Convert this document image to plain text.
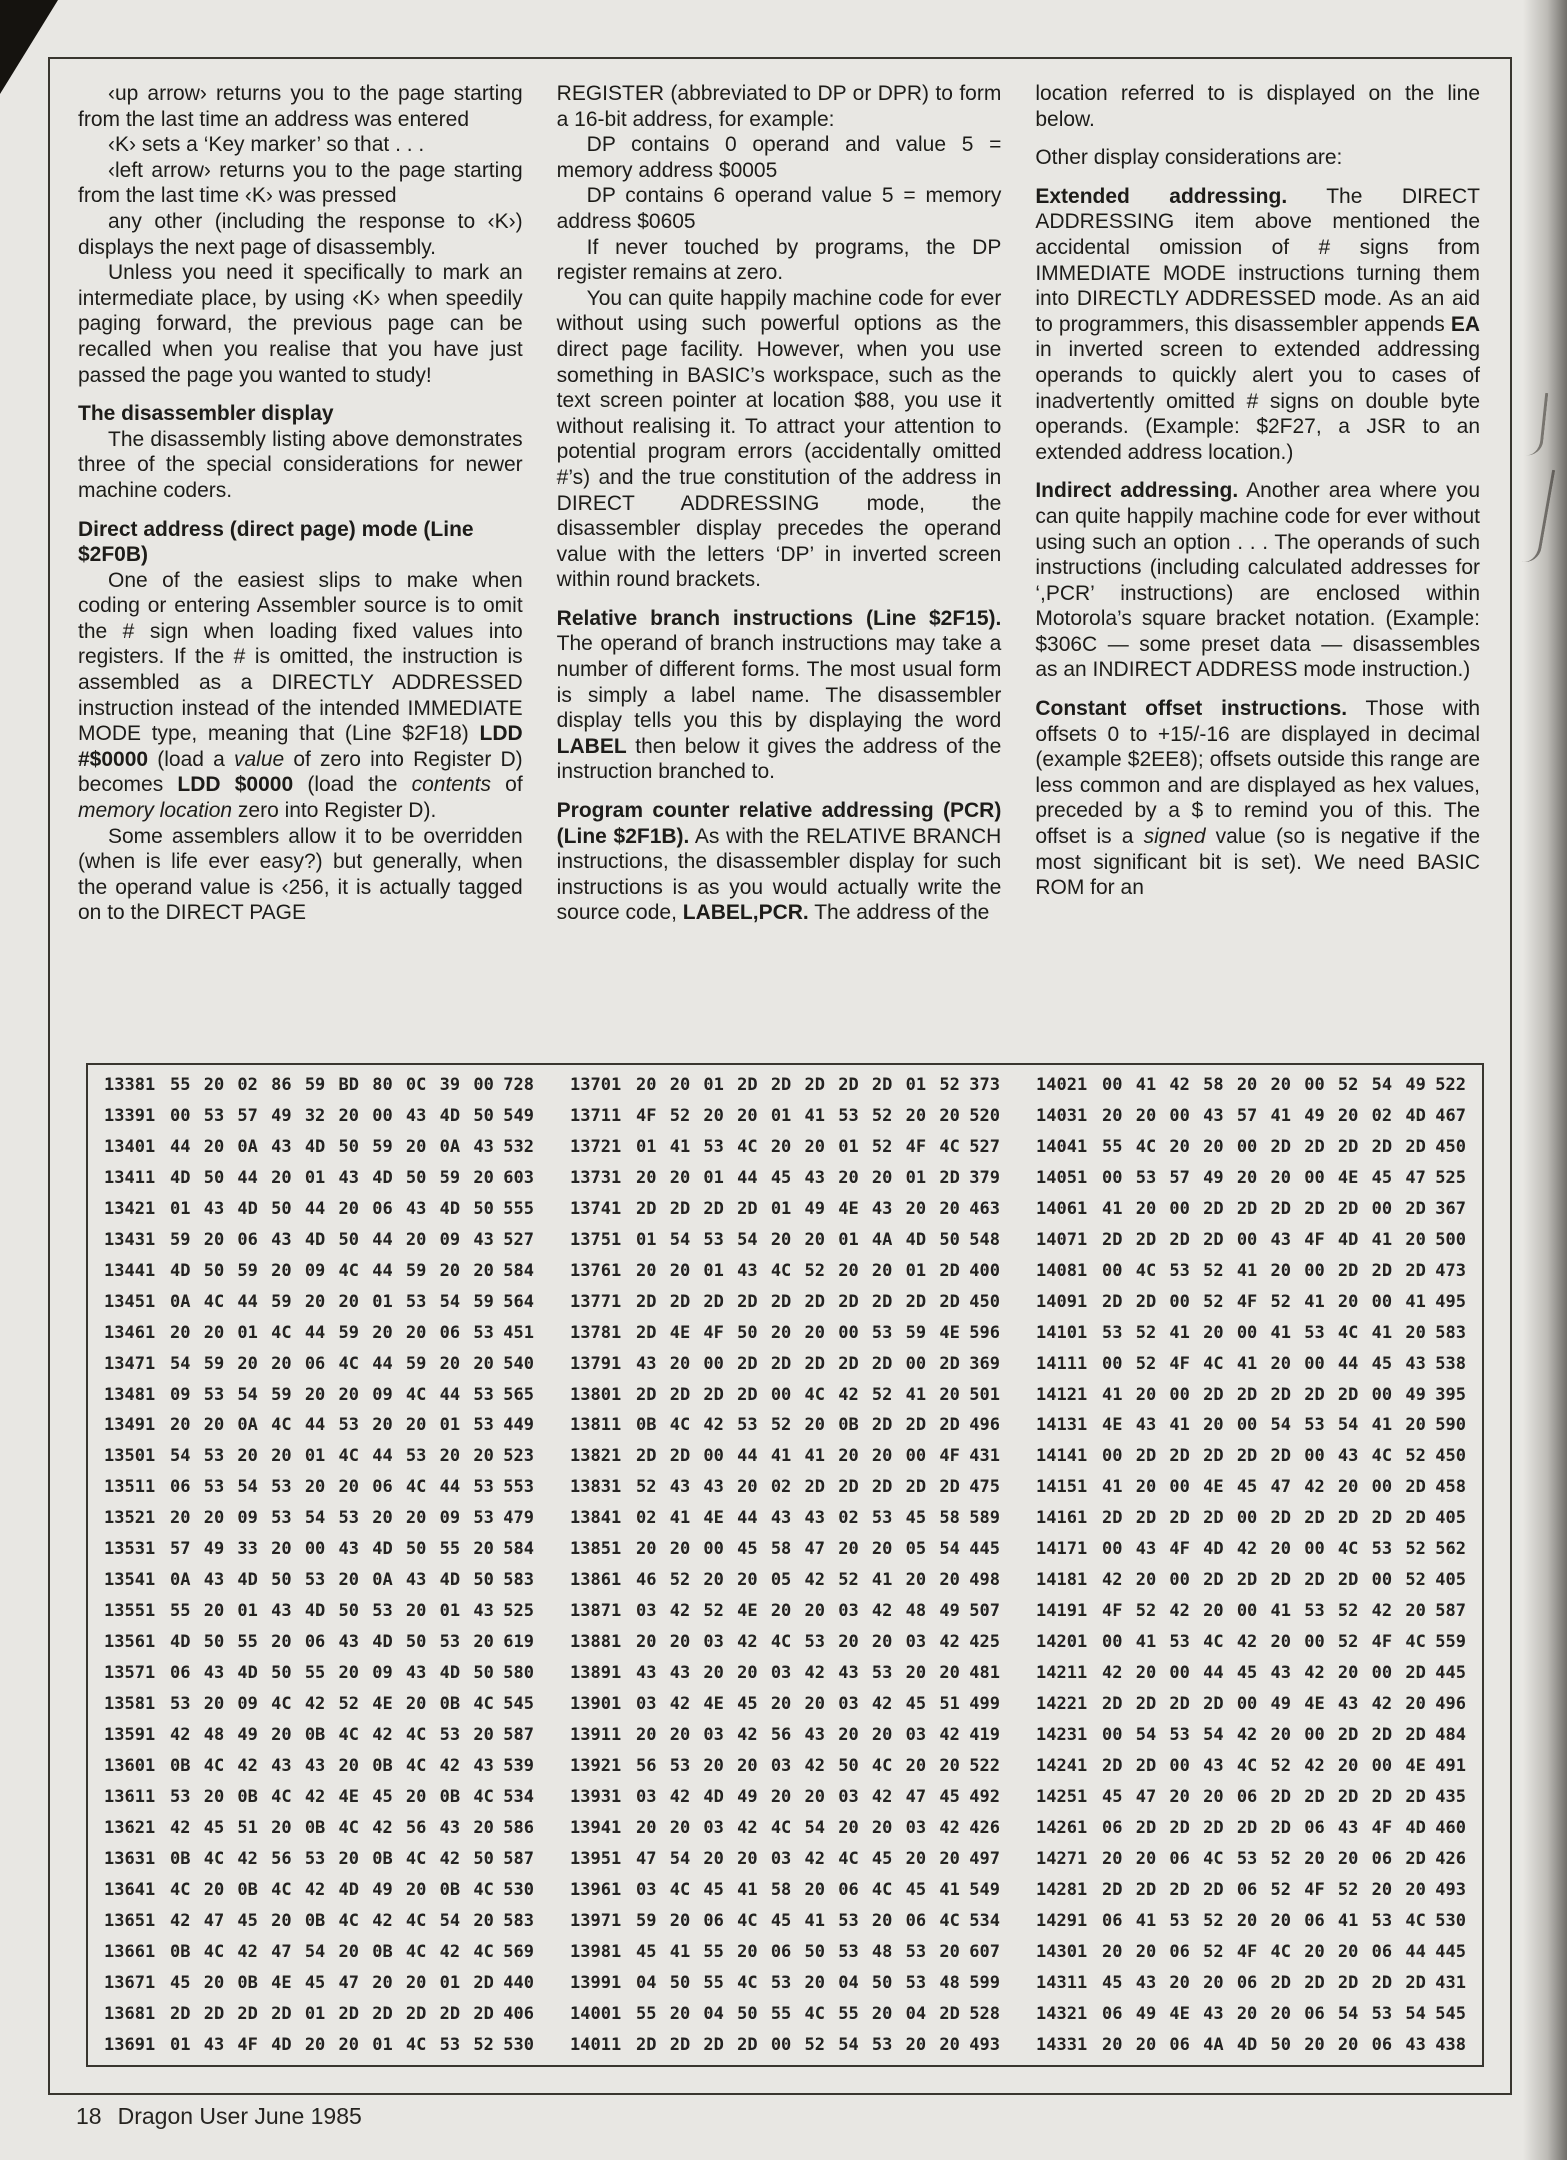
‹up arrow› returns you to the page starting from the last time an address was entered

‹K› sets a ‘Key marker’ so that . . .

‹left arrow› returns you to the page starting from the last time ‹K› was pressed

any other (including the response to ‹K›) displays the next page of disassembly.

Unless you need it specifically to mark an intermediate place, by using ‹K› when speedily paging forward, the previous page can be recalled when you realise that you have just passed the page you wanted to study!

The disassembler display

The disassembly listing above demonstrates three of the special considerations for newer machine coders.

Direct address (direct page) mode (Line $2F0B)

One of the easiest slips to make when coding or entering Assembler source is to omit the # sign when loading fixed values into registers. If the # is omitted, the instruction is assembled as a DIRECTLY ADDRESSED instruction instead of the intended IMMEDIATE MODE type, meaning that (Line $2F18) LDD #$0000 (load a value of zero into Register D) becomes LDD $0000 (load the contents of memory location zero into Register D).

Some assemblers allow it to be overridden (when is life ever easy?) but generally, when the operand value is ‹256, it is actually tagged on to the DIRECT PAGE

REGISTER (abbreviated to DP or DPR) to form a 16-bit address, for example:

DP contains 0 operand and value 5 = memory address $0005

DP contains 6 operand value 5 = memory address $0605

If never touched by programs, the DP register remains at zero.

You can quite happily machine code for ever without using such powerful options as the direct page facility. However, when you use something in BASIC’s workspace, such as the text screen pointer at location $88, you use it without realising it. To attract your attention to potential program errors (accidentally omitted #’s) and the true constitution of the address in DIRECT ADDRESSING mode, the disassembler display precedes the operand value with the letters ‘DP’ in inverted screen within round brackets.

Relative branch instructions (Line $2F15). The operand of branch instructions may take a number of different forms. The most usual form is simply a label name. The disassembler display tells you this by displaying the word LABEL then below it gives the address of the instruction branched to.

Program counter relative addressing (PCR) (Line $2F1B). As with the RELATIVE BRANCH instructions, the disassembler display for such instructions is as you would actually write the source code, LABEL,PCR. The address of the

location referred to is displayed on the line below.

Other display considerations are:

Extended addressing. The DIRECT ADDRESSING item above mentioned the accidental omission of # signs from IMMEDIATE MODE instructions turning them into DIRECTLY ADDRESSED mode. As an aid to programmers, this disassembler appends EA in inverted screen to extended addressing operands to quickly alert you to cases of inadvertently omitted # signs on double byte operands. (Example: $2F27, a JSR to an extended address location.)

Indirect addressing. Another area where you can quite happily machine code for ever without using such an option . . . The operands of such instructions (including calculated addresses for ‘,PCR’ instructions) are enclosed within Motorola’s square bracket notation. (Example: $306C — some preset data — disassembles as an INDIRECT ADDRESS mode instruction.)

Constant offset instructions. Those with offsets 0 to +15/-16 are displayed in decimal (example $2EE8); offsets outside this range are less common and are displayed as hex values, preceded by a $ to remind you of this. The offset is a signed value (so is negative if the most significant bit is set). We need BASIC ROM for an

13381 55 20 02 86 59 BD 80 0C 39 00 728
13391 00 53 57 49 32 20 00 43 4D 50 549
13401 44 20 0A 43 4D 50 59 20 0A 43 532
13411 4D 50 44 20 01 43 4D 50 59 20 603
13421 01 43 4D 50 44 20 06 43 4D 50 555
13431 59 20 06 43 4D 50 44 20 09 43 527
13441 4D 50 59 20 09 4C 44 59 20 20 584
13451 0A 4C 44 59 20 20 01 53 54 59 564
13461 20 20 01 4C 44 59 20 20 06 53 451
13471 54 59 20 20 06 4C 44 59 20 20 540
13481 09 53 54 59 20 20 09 4C 44 53 565
13491 20 20 0A 4C 44 53 20 20 01 53 449
13501 54 53 20 20 01 4C 44 53 20 20 523
13511 06 53 54 53 20 20 06 4C 44 53 553
13521 20 20 09 53 54 53 20 20 09 53 479
13531 57 49 33 20 00 43 4D 50 55 20 584
13541 0A 43 4D 50 53 20 0A 43 4D 50 583
13551 55 20 01 43 4D 50 53 20 01 43 525
13561 4D 50 55 20 06 43 4D 50 53 20 619
13571 06 43 4D 50 55 20 09 43 4D 50 580
13581 53 20 09 4C 42 52 4E 20 0B 4C 545
13591 42 48 49 20 0B 4C 42 4C 53 20 587
13601 0B 4C 42 43 43 20 0B 4C 42 43 539
13611 53 20 0B 4C 42 4E 45 20 0B 4C 534
13621 42 45 51 20 0B 4C 42 56 43 20 586
13631 0B 4C 42 56 53 20 0B 4C 42 50 587
13641 4C 20 0B 4C 42 4D 49 20 0B 4C 530
13651 42 47 45 20 0B 4C 42 4C 54 20 583
13661 0B 4C 42 47 54 20 0B 4C 42 4C 569
13671 45 20 0B 4E 45 47 20 20 01 2D 440
13681 2D 2D 2D 2D 01 2D 2D 2D 2D 2D 406
13691 01 43 4F 4D 20 20 01 4C 53 52 530
13701 20 20 01 2D 2D 2D 2D 2D 01 52 373
13711 4F 52 20 20 01 41 53 52 20 20 520
13721 01 41 53 4C 20 20 01 52 4F 4C 527
13731 20 20 01 44 45 43 20 20 01 2D 379
13741 2D 2D 2D 2D 01 49 4E 43 20 20 463
13751 01 54 53 54 20 20 01 4A 4D 50 548
13761 20 20 01 43 4C 52 20 20 01 2D 400
13771 2D 2D 2D 2D 2D 2D 2D 2D 2D 2D 450
13781 2D 4E 4F 50 20 20 00 53 59 4E 596
13791 43 20 00 2D 2D 2D 2D 2D 00 2D 369
13801 2D 2D 2D 2D 00 4C 42 52 41 20 501
13811 0B 4C 42 53 52 20 0B 2D 2D 2D 496
13821 2D 2D 00 44 41 41 20 20 00 4F 431
13831 52 43 43 20 02 2D 2D 2D 2D 2D 475
13841 02 41 4E 44 43 43 02 53 45 58 589
13851 20 20 00 45 58 47 20 20 05 54 445
13861 46 52 20 20 05 42 52 41 20 20 498
13871 03 42 52 4E 20 20 03 42 48 49 507
13881 20 20 03 42 4C 53 20 20 03 42 425
13891 43 43 20 20 03 42 43 53 20 20 481
13901 03 42 4E 45 20 20 03 42 45 51 499
13911 20 20 03 42 56 43 20 20 03 42 419
13921 56 53 20 20 03 42 50 4C 20 20 522
13931 03 42 4D 49 20 20 03 42 47 45 492
13941 20 20 03 42 4C 54 20 20 03 42 426
13951 47 54 20 20 03 42 4C 45 20 20 497
13961 03 4C 45 41 58 20 06 4C 45 41 549
13971 59 20 06 4C 45 41 53 20 06 4C 534
13981 45 41 55 20 06 50 53 48 53 20 607
13991 04 50 55 4C 53 20 04 50 53 48 599
14001 55 20 04 50 55 4C 55 20 04 2D 528
14011 2D 2D 2D 2D 00 52 54 53 20 20 493
14021 00 41 42 58 20 20 00 52 54 49 522
14031 20 20 00 43 57 41 49 20 02 4D 467
14041 55 4C 20 20 00 2D 2D 2D 2D 2D 450
14051 00 53 57 49 20 20 00 4E 45 47 525
14061 41 20 00 2D 2D 2D 2D 2D 00 2D 367
14071 2D 2D 2D 2D 00 43 4F 4D 41 20 500
14081 00 4C 53 52 41 20 00 2D 2D 2D 473
14091 2D 2D 00 52 4F 52 41 20 00 41 495
14101 53 52 41 20 00 41 53 4C 41 20 583
14111 00 52 4F 4C 41 20 00 44 45 43 538
14121 41 20 00 2D 2D 2D 2D 2D 00 49 395
14131 4E 43 41 20 00 54 53 54 41 20 590
14141 00 2D 2D 2D 2D 2D 00 43 4C 52 450
14151 41 20 00 4E 45 47 42 20 00 2D 458
14161 2D 2D 2D 2D 00 2D 2D 2D 2D 2D 405
14171 00 43 4F 4D 42 20 00 4C 53 52 562
14181 42 20 00 2D 2D 2D 2D 2D 00 52 405
14191 4F 52 42 20 00 41 53 52 42 20 587
14201 00 41 53 4C 42 20 00 52 4F 4C 559
14211 42 20 00 44 45 43 42 20 00 2D 445
14221 2D 2D 2D 2D 00 49 4E 43 42 20 496
14231 00 54 53 54 42 20 00 2D 2D 2D 484
14241 2D 2D 00 43 4C 52 42 20 00 4E 491
14251 45 47 20 20 06 2D 2D 2D 2D 2D 435
14261 06 2D 2D 2D 2D 2D 06 43 4F 4D 460
14271 20 20 06 4C 53 52 20 20 06 2D 426
14281 2D 2D 2D 2D 06 52 4F 52 20 20 493
14291 06 41 53 52 20 20 06 41 53 4C 530
14301 20 20 06 52 4F 4C 20 20 06 44 445
14311 45 43 20 20 06 2D 2D 2D 2D 2D 431
14321 06 49 4E 43 20 20 06 54 53 54 545
14331 20 20 06 4A 4D 50 20 20 06 43 438
18 Dragon User June 1985
